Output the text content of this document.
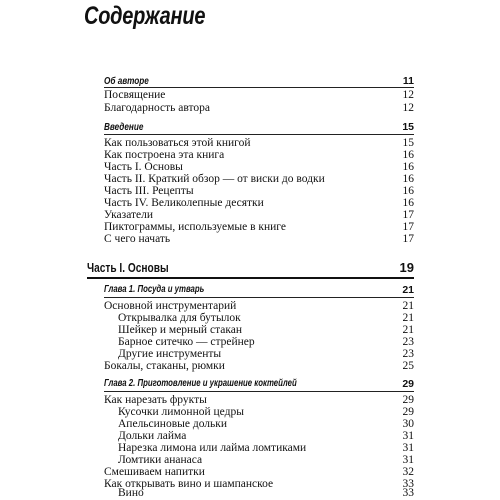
Содержание
Об авторе	11
Посвящение	12
Благодарность автора	12
Введение	15
Как пользоваться этой книгой	15
Как построена эта книга	16
Часть I. Основы	16
Часть II. Краткий обзор — от виски до водки	16
Часть III. Рецепты	16
Часть IV. Великолепные десятки	16
Указатели	17
Пиктограммы, используемые в книге	17
С чего начать	17
Часть I. Основы	19
Глава 1. Посуда и утварь	21
Основной инструментарий	21
Открывалка для бутылок	21
Шейкер и мерный стакан	21
Барное ситечко — стрейнер	23
Другие инструменты	23
Бокалы, стаканы, рюмки	25
Глава 2. Приготовление и украшение коктейлей	29
Как нарезать фрукты	29
Кусочки лимонной цедры	29
Апельсиновые дольки	30
Дольки лайма	31
Нарезка лимона или лайма ломтиками	31
Ломтики ананаса	31
Смешиваем напитки	32
Как открывать вино и шампанское	33
Вино	33
